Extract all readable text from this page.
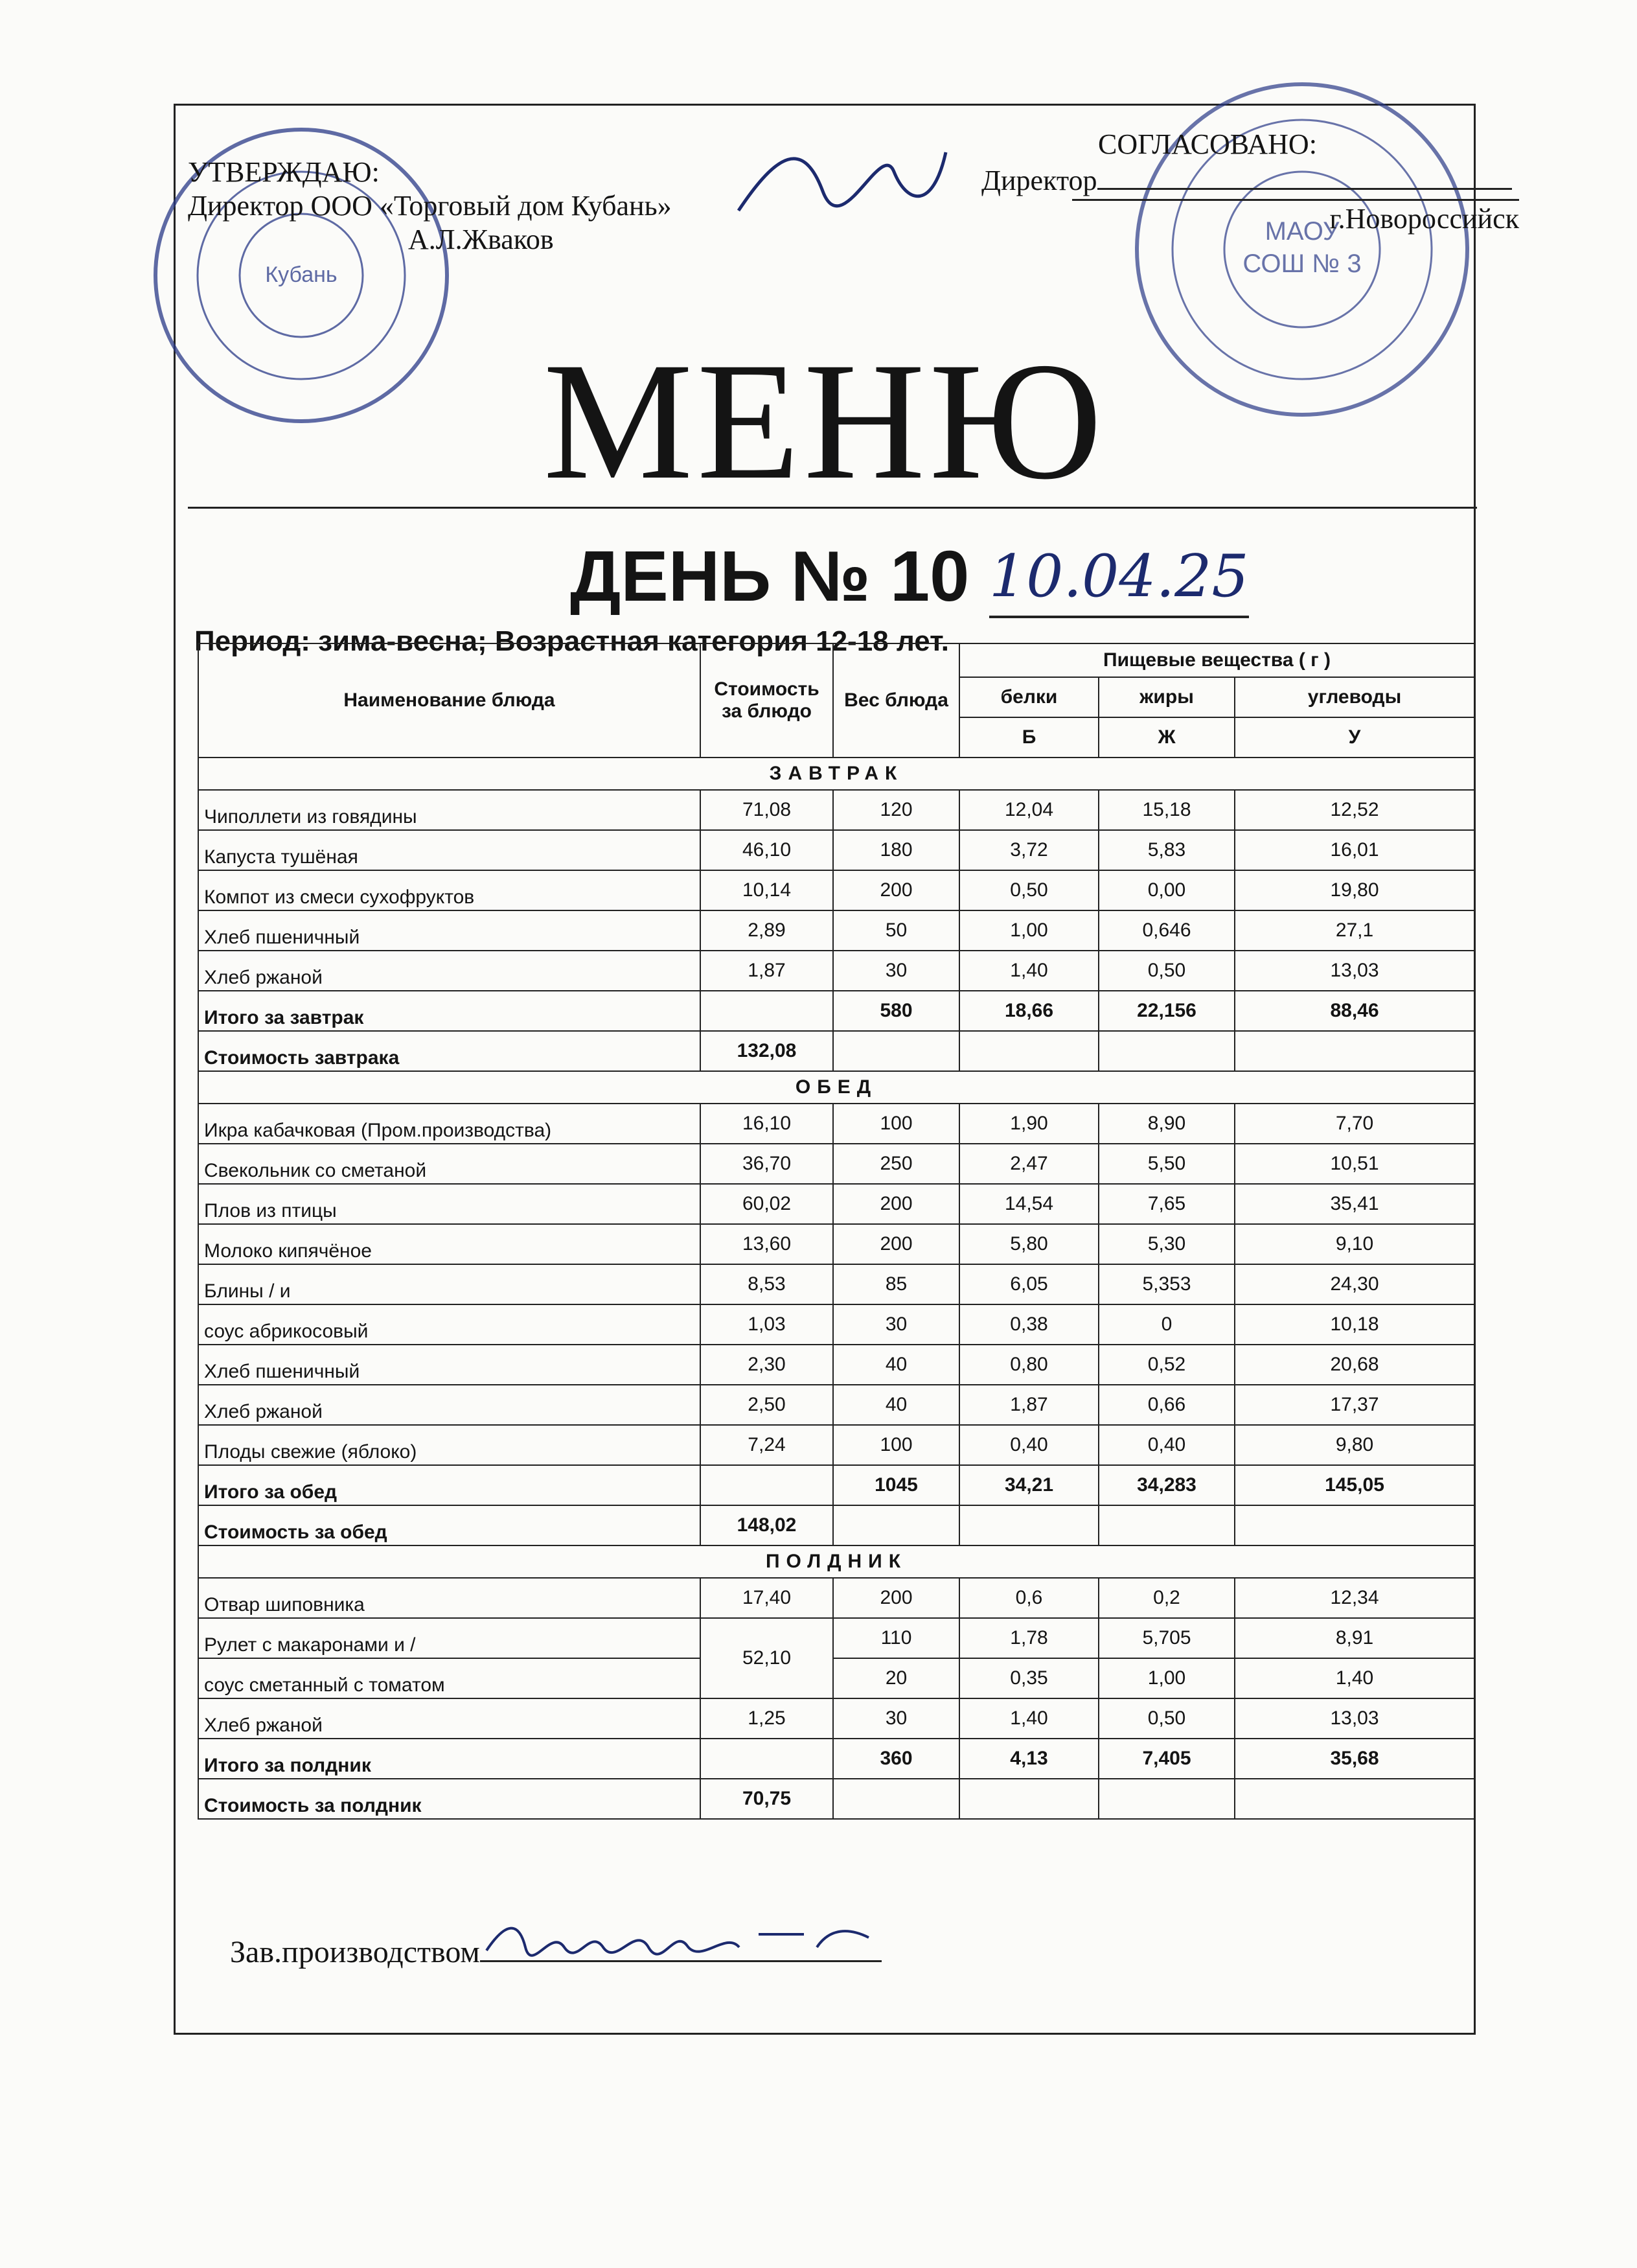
Кубань
МАОУ
СОШ № 3
УТВЕРЖДАЮ:
Директор ООО «Торговый дом Кубань»
А.Л.Жваков
СОГЛАСОВАНО:
Директор
г.Новороссийск
МЕНЮ
ДЕНЬ № 10 10.04.25
Период: зима-весна; Возрастная категория 12-18 лет.
Наименование блюда	Стоимость за блюдо	Вес блюда	Пищевые вещества ( г )		
			белки	жиры	углеводы
			Б	Ж	У
ЗАВТРАК					
Чиполлети из говядины	71,08	120	12,04	15,18	12,52
Капуста тушёная	46,10	180	3,72	5,83	16,01
Компот из смеси сухофруктов	10,14	200	0,50	0,00	19,80
Хлеб пшеничный	2,89	50	1,00	0,646	27,1
Хлеб ржаной	1,87	30	1,40	0,50	13,03
Итого за завтрак		580	18,66	22,156	88,46
Стоимость завтрака	132,08				
ОБЕД					
Икра кабачковая (Пром.производства)	16,10	100	1,90	8,90	7,70
Свекольник со сметаной	36,70	250	2,47	5,50	10,51
Плов из птицы	60,02	200	14,54	7,65	35,41
Молоко кипячёное	13,60	200	5,80	5,30	9,10
Блины / и	8,53	85	6,05	5,353	24,30
соус абрикосовый	1,03	30	0,38	0	10,18
Хлеб пшеничный	2,30	40	0,80	0,52	20,68
Хлеб ржаной	2,50	40	1,87	0,66	17,37
Плоды свежие (яблоко)	7,24	100	0,40	0,40	9,80
Итого за обед		1045	34,21	34,283	145,05
Стоимость за обед	148,02				
ПОЛДНИК					
Отвар шиповника	17,40	200	0,6	0,2	12,34
Рулет с макаронами и /	52,10	110	1,78	5,705	8,91
соус сметанный с томатом		20	0,35	1,00	1,40
Хлеб ржаной	1,25	30	1,40	0,50	13,03
Итого за полдник		360	4,13	7,405	35,68
Стоимость за полдник	70,75				
Зав.производством
